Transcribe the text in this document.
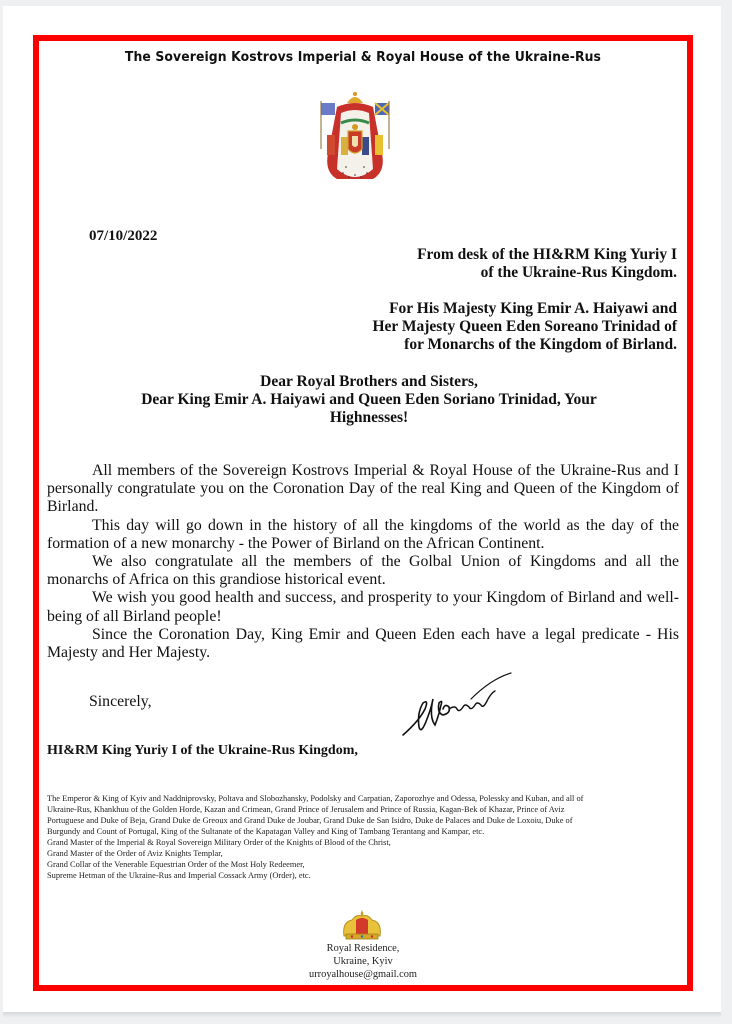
The Sovereign Kostrovs Imperial & Royal House of the Ukraine-Rus
07/10/2022
From desk of the HI&RM King Yuriy I
of the Ukraine-Rus Kingdom.
For His Majesty King Emir A. Haiyawi and
Her Majesty Queen Eden Soreano Trinidad of
for Monarchs of the Kingdom of Birland.
Dear Royal Brothers and Sisters,
Dear King Emir A. Haiyawi and Queen Eden Soriano Trinidad, Your
Highnesses!

All members of the Sovereign Kostrovs Imperial & Royal House of the Ukraine-Rus and I personally congratulate you on the Coronation Day of the real King and Queen of the Kingdom of Birland.

This day will go down in the history of all the kingdoms of the world as the day of the formation of a new monarchy - the Power of Birland on the African Continent.

We also congratulate all the members of the Golbal Union of Kingdoms and all the monarchs of Africa on this grandiose historical event.

We wish you good health and success, and prosperity to your Kingdom of Birland and well-being of all Birland people!

Since the Coronation Day, King Emir and Queen Eden each have a legal predicate - His Majesty and Her Majesty.

Sincerely,
HI&RM King Yuriy I of the Ukraine-Rus Kingdom,
The Emperor & King of Kyiv and Naddniprovsky, Poltava and Slobozhansky, Podolsky and Carpatian, Zaporozhye and Odessa, Polessky and Kuban, and all of
Ukraine-Rus, Khankhuu of the Golden Horde, Kazan and Crimean, Grand Prince of Jerusalem and Prince of Russia, Kagan-Bek of Khazar, Prince of Aviz
Portuguese and Duke of Beja, Grand Duke de Greoux and Grand Duke de Joubar, Grand Duke de San Isidro, Duke de Palaces and Duke de Loxoiu, Duke of
Burgundy and Count of Portugal, King of the Sultanate of the Kapatagan Valley and King of Tambang Terantang and Kampar, etc.
Grand Master of the Imperial & Royal Sovereign Military Order of the Knights of Blood of the Christ,
Grand Master of the Order of Aviz Knights Templar,
Grand Collar of the Venerable Equestrian Order of the Most Holy Redeemer,
Supreme Hetman of the Ukraine-Rus and Imperial Cossack Army (Order), etc.
Royal Residence,
Ukraine, Kyiv
urroyalhouse@gmail.com
